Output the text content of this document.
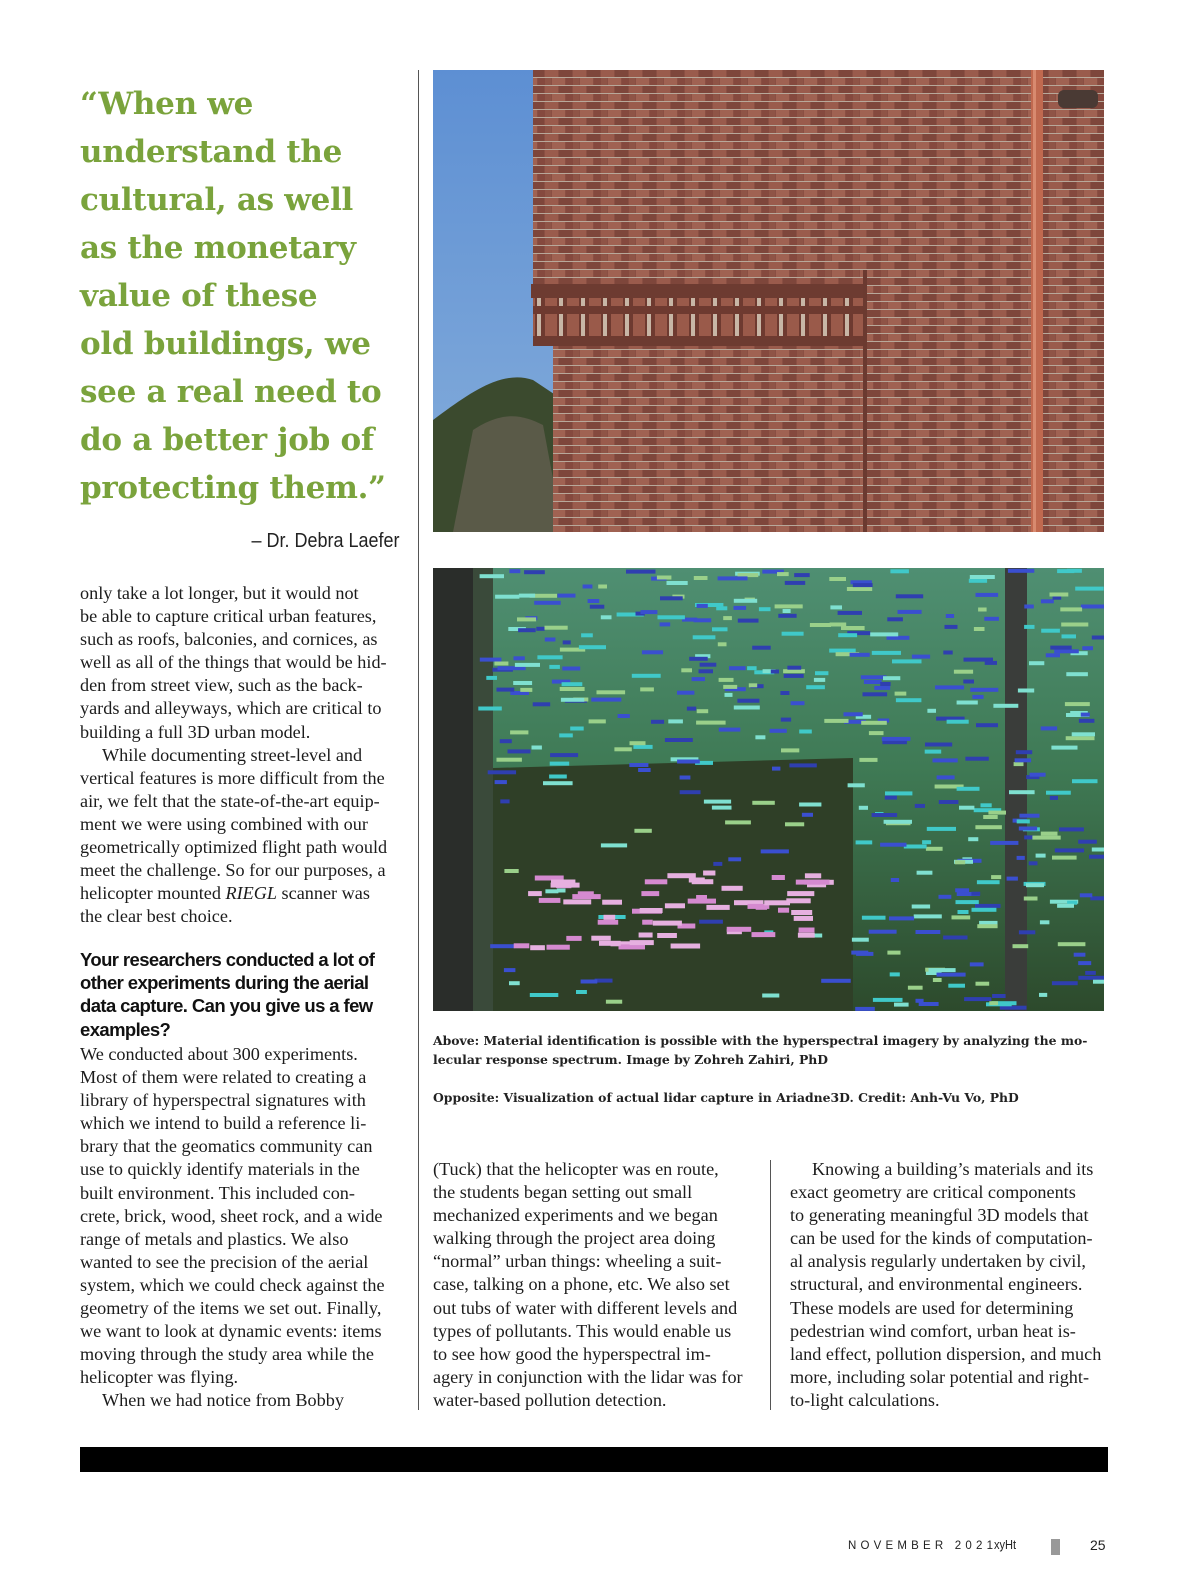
“When we
understand the
cultural, as well
as the monetary
value of these
old buildings, we
see a real need to
do a better job of
protecting them.”
– Dr. Debra Laefer

only take a lot longer, but it would not
be able to capture critical urban features,
such as roofs, balconies, and cornices, as
well as all of the things that would be hid-
den from street view, such as the back-
yards and alleyways, which are critical to
building a full 3D urban model.

While documenting street-level and
vertical features is more difficult from the
air, we felt that the state-of-the-art equip-
ment we were using combined with our
geometrically optimized flight path would
meet the challenge. So for our purposes, a
helicopter mounted RIEGL scanner was
the clear best choice.

Your researchers conducted a lot of
other experiments during the aerial
data capture. Can you give us a few
examples?

We conducted about 300 experiments.
Most of them were related to creating a
library of hyperspectral signatures with
which we intend to build a reference li-
brary that the geomatics community can
use to quickly identify materials in the
built environment. This included con-
crete, brick, wood, sheet rock, and a wide
range of metals and plastics. We also
wanted to see the precision of the aerial
system, which we could check against the
geometry of the items we set out. Finally,
we want to look at dynamic events: items
moving through the study area while the
helicopter was flying.

When we had notice from Bobby

(Tuck) that the helicopter was en route,
the students began setting out small
mechanized experiments and we began
walking through the project area doing
“normal” urban things: wheeling a suit-
case, talking on a phone, etc. We also set
out tubs of water with different levels and
types of pollutants. This would enable us
to see how good the hyperspectral im-
agery in conjunction with the lidar was for
water-based pollution detection.
Knowing a building’s materials and its
exact geometry are critical components
to generating meaningful 3D models that
can be used for the kinds of computation-
al analysis regularly undertaken by civil,
structural, and environmental engineers.
These models are used for determining
pedestrian wind comfort, urban heat is-
land effect, pollution dispersion, and much
more, including solar potential and right-
to-light calculations.
Above: Material identification is possible with the hyperspectral imagery by analyzing the mo-
lecular response spectrum. Image by Zohreh Zahiri, PhD
Opposite: Visualization of actual lidar capture in Ariadne3D. Credit: Anh-Vu Vo, PhD
NOVEMBER 2021
xyHt	25
